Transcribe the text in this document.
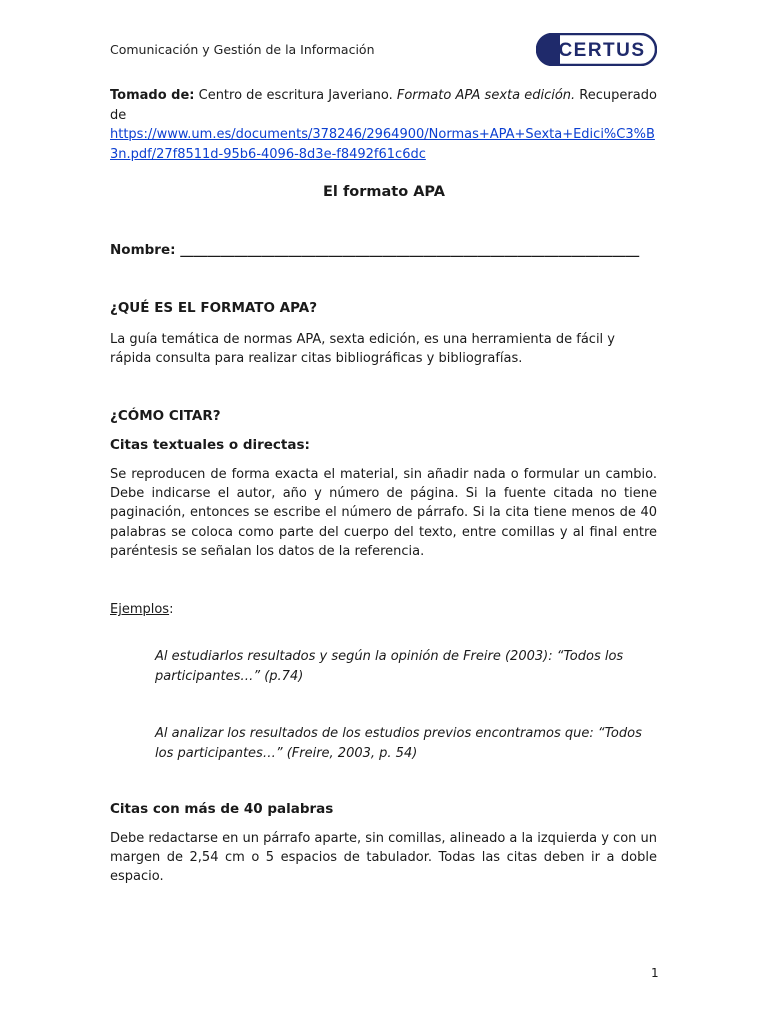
Comunicación y Gestión de la Información	CERTUS
Tomado de: Centro de escritura Javeriano. Formato APA sexta edición. Recuperado de
https://www.um.es/documents/378246/2964900/Normas+APA+Sexta+Edici%C3%B3n.pdf/27f8511d-95b6-4096-8d3e-f8492f61c6dc
El formato APA
Nombre: ____________________________________________________________________
¿QUÉ ES EL FORMATO APA?
La guía temática de normas APA, sexta edición, es una herramienta de fácil y rápida consulta para realizar citas bibliográficas y bibliografías.
¿CÓMO CITAR?
Citas textuales o directas:
Se reproducen de forma exacta el material, sin añadir nada o formular un cambio. Debe indicarse el autor, año y número de página. Si la fuente citada no tiene paginación, entonces se escribe el número de párrafo. Si la cita tiene menos de 40 palabras se coloca como parte del cuerpo del texto, entre comillas y al final entre paréntesis se señalan los datos de la referencia.
Ejemplos:
Al estudiarlos resultados y según la opinión de Freire (2003): “Todos los participantes…” (p.74)
Al analizar los resultados de los estudios previos encontramos que: “Todos los participantes…” (Freire, 2003, p. 54)
Citas con más de 40 palabras
Debe redactarse en un párrafo aparte, sin comillas, alineado a la izquierda y con un margen de 2,54 cm o 5 espacios de tabulador. Todas las citas deben ir a doble espacio.
1
